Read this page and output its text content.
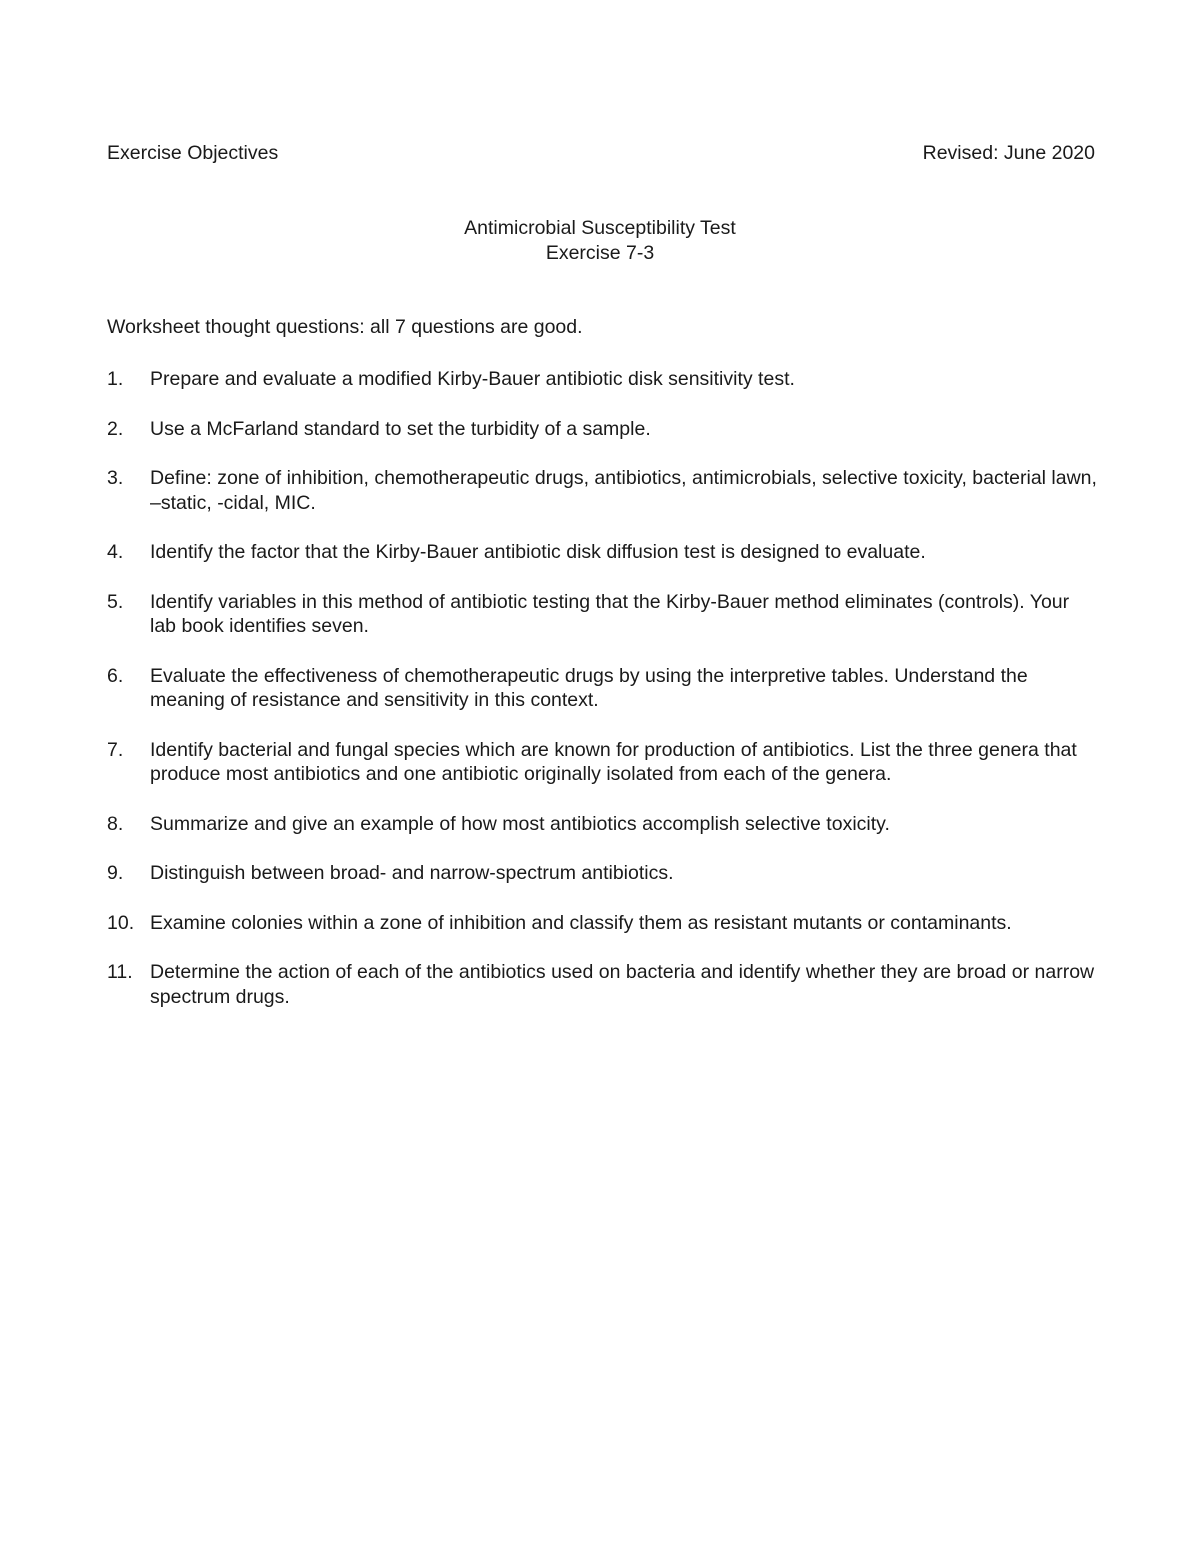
Exercise Objectives	Revised: June 2020
Antimicrobial Susceptibility Test
Exercise 7-3
Worksheet thought questions: all 7 questions are good.
1. Prepare and evaluate a modified Kirby-Bauer antibiotic disk sensitivity test.
2. Use a McFarland standard to set the turbidity of a sample.
3. Define: zone of inhibition, chemotherapeutic drugs, antibiotics, antimicrobials, selective toxicity, bacterial lawn, –static, -cidal, MIC.
4. Identify the factor that the Kirby-Bauer antibiotic disk diffusion test is designed to evaluate.
5. Identify variables in this method of antibiotic testing that the Kirby-Bauer method eliminates (controls). Your lab book identifies seven.
6. Evaluate the effectiveness of chemotherapeutic drugs by using the interpretive tables. Understand the meaning of resistance and sensitivity in this context.
7. Identify bacterial and fungal species which are known for production of antibiotics. List the three genera that produce most antibiotics and one antibiotic originally isolated from each of the genera.
8. Summarize and give an example of how most antibiotics accomplish selective toxicity.
9. Distinguish between broad- and narrow-spectrum antibiotics.
10. Examine colonies within a zone of inhibition and classify them as resistant mutants or contaminants.
11. Determine the action of each of the antibiotics used on bacteria and identify whether they are broad or narrow spectrum drugs.
